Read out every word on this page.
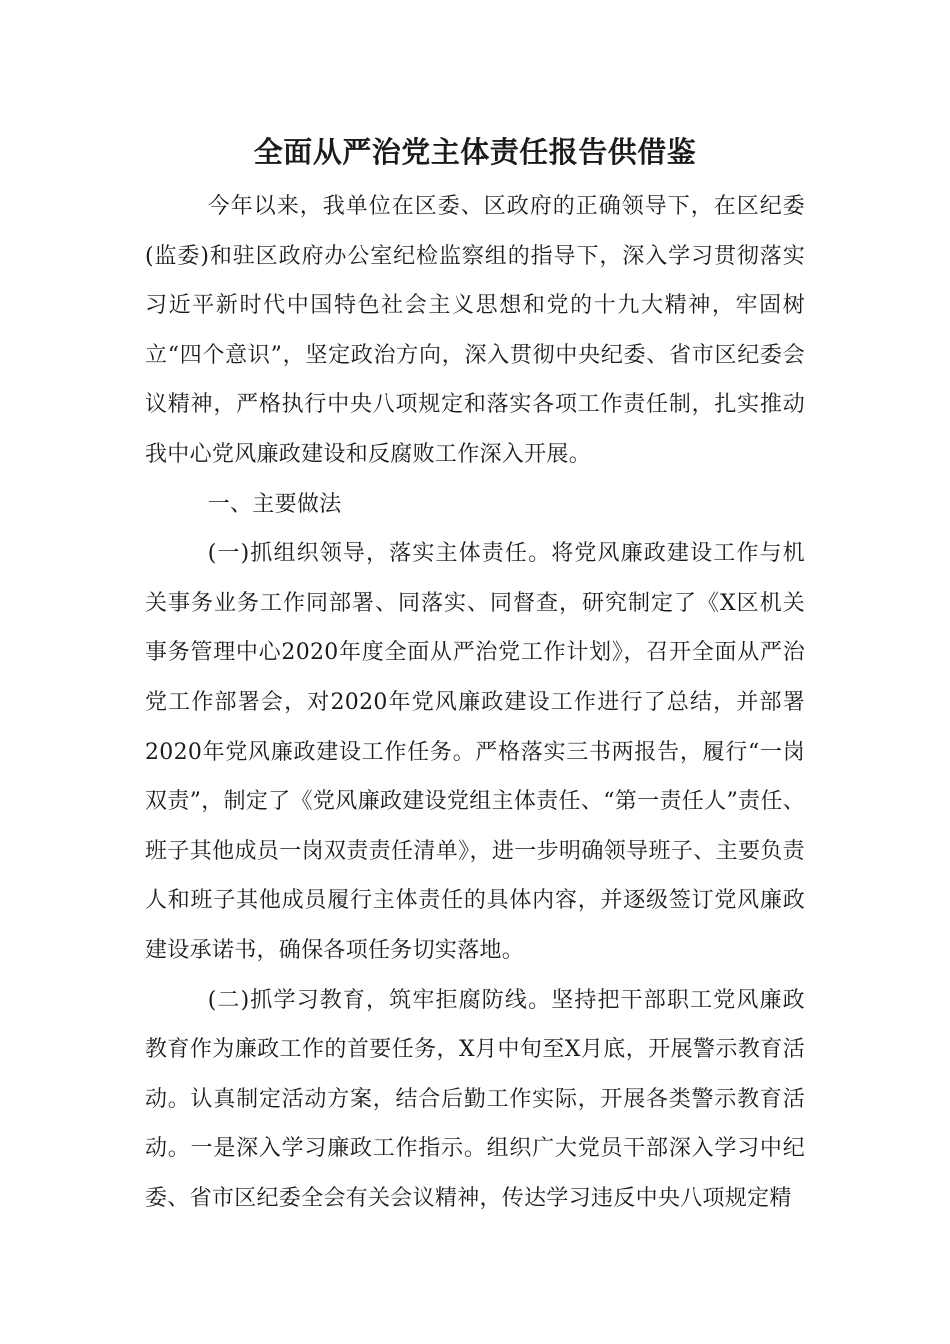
全面从严治党主体责任报告供借鉴

今年以来，我单位在区委、区政府的正确领导下，在区纪委(监委)和驻区政府办公室纪检监察组的指导下，深入学习贯彻落实习近平新时代中国特色社会主义思想和党的十九大精神，牢固树立“四个意识”，坚定政治方向，深入贯彻中央纪委、省市区纪委会议精神，严格执行中央八项规定和落实各项工作责任制，扎实推动我中心党风廉政建设和反腐败工作深入开展。

一、主要做法

(一)抓组织领导，落实主体责任。将党风廉政建设工作与机关事务业务工作同部署、同落实、同督查，研究制定了《X区机关事务管理中心2020年度全面从严治党工作计划》，召开全面从严治党工作部署会，对2020年党风廉政建设工作进行了总结，并部署2020年党风廉政建设工作任务。严格落实三书两报告，履行“一岗双责”，制定了《党风廉政建设党组主体责任、“第一责任人”责任、班子其他成员一岗双责责任清单》，进一步明确领导班子、主要负责人和班子其他成员履行主体责任的具体内容，并逐级签订党风廉政建设承诺书，确保各项任务切实落地。

(二)抓学习教育，筑牢拒腐防线。坚持把干部职工党风廉政教育作为廉政工作的首要任务，X月中旬至X月底，开展警示教育活动。认真制定活动方案，结合后勤工作实际，开展各类警示教育活动。一是深入学习廉政工作指示。组织广大党员干部深入学习中纪委、省市区纪委全会有关会议精神，传达学习违反中央八项规定精
